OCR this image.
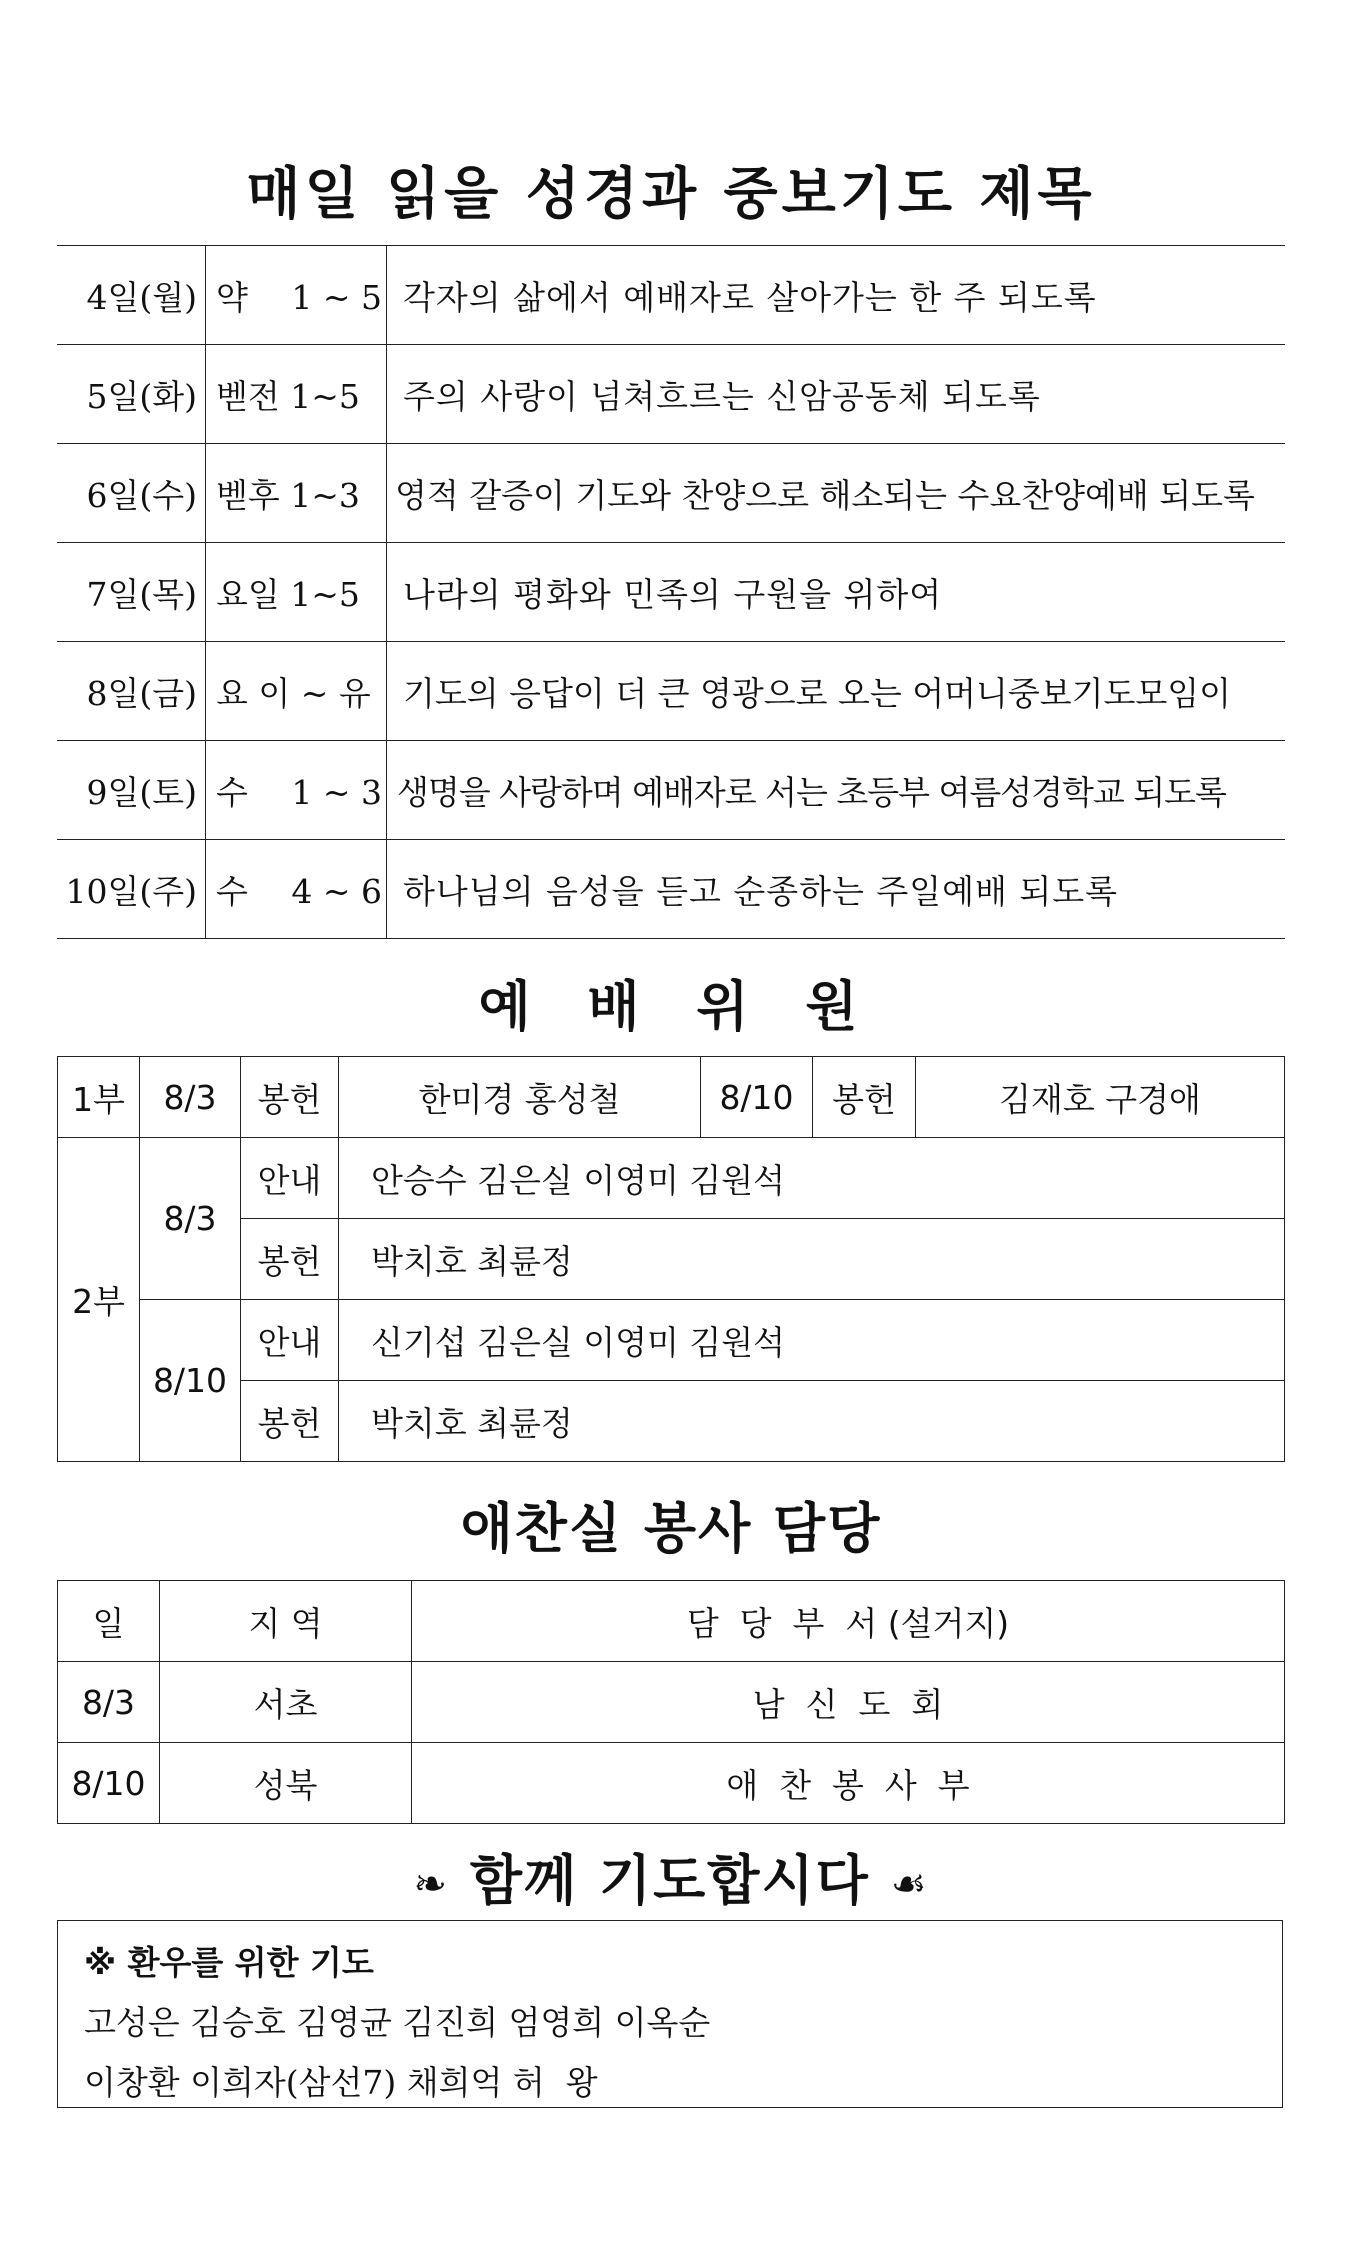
매일 읽을 성경과 중보기도 제목
4일(월)	약 　1 ~ 5	각자의 삶에서 예배자로 살아가는 한 주 되도록
5일(화)	벧전 1~5	주의 사랑이 넘쳐흐르는 신암공동체 되도록
6일(수)	벧후 1~3	영적 갈증이 기도와 찬양으로 해소되는 수요찬양예배 되도록
7일(목)	요일 1~5	나라의 평화와 민족의 구원을 위하여
8일(금)	요 이 ~ 유	기도의 응답이 더 큰 영광으로 오는 어머니중보기도모임이
9일(토)	수 　1 ~ 3	생명을 사랑하며 예배자로 서는 초등부 여름성경학교 되도록
10일(주)	수 　4 ~ 6	하나님의 음성을 듣고 순종하는 주일예배 되도록
예 배 위 원
1부	8/3	봉헌	한미경 홍성철	8/10	봉헌	김재호 구경애
2부	8/3	안내	안승수 김은실 이영미 김원석			
		봉헌	박치호 최륜정			
	8/10	안내	신기섭 김은실 이영미 김원석			
		봉헌	박치호 최륜정			
애찬실 봉사 담당
일	지 역	담  당  부  서 (설거지)
8/3	서초	남  신  도  회
8/10	성북	애  찬  봉  사  부
❧ 함께 기도합시다 ☙
※ 환우를 위한 기도
고성은 김승호 김영균 김진희 엄영희 이옥순
이창환 이희자(삼선7) 채희억 허  왕
